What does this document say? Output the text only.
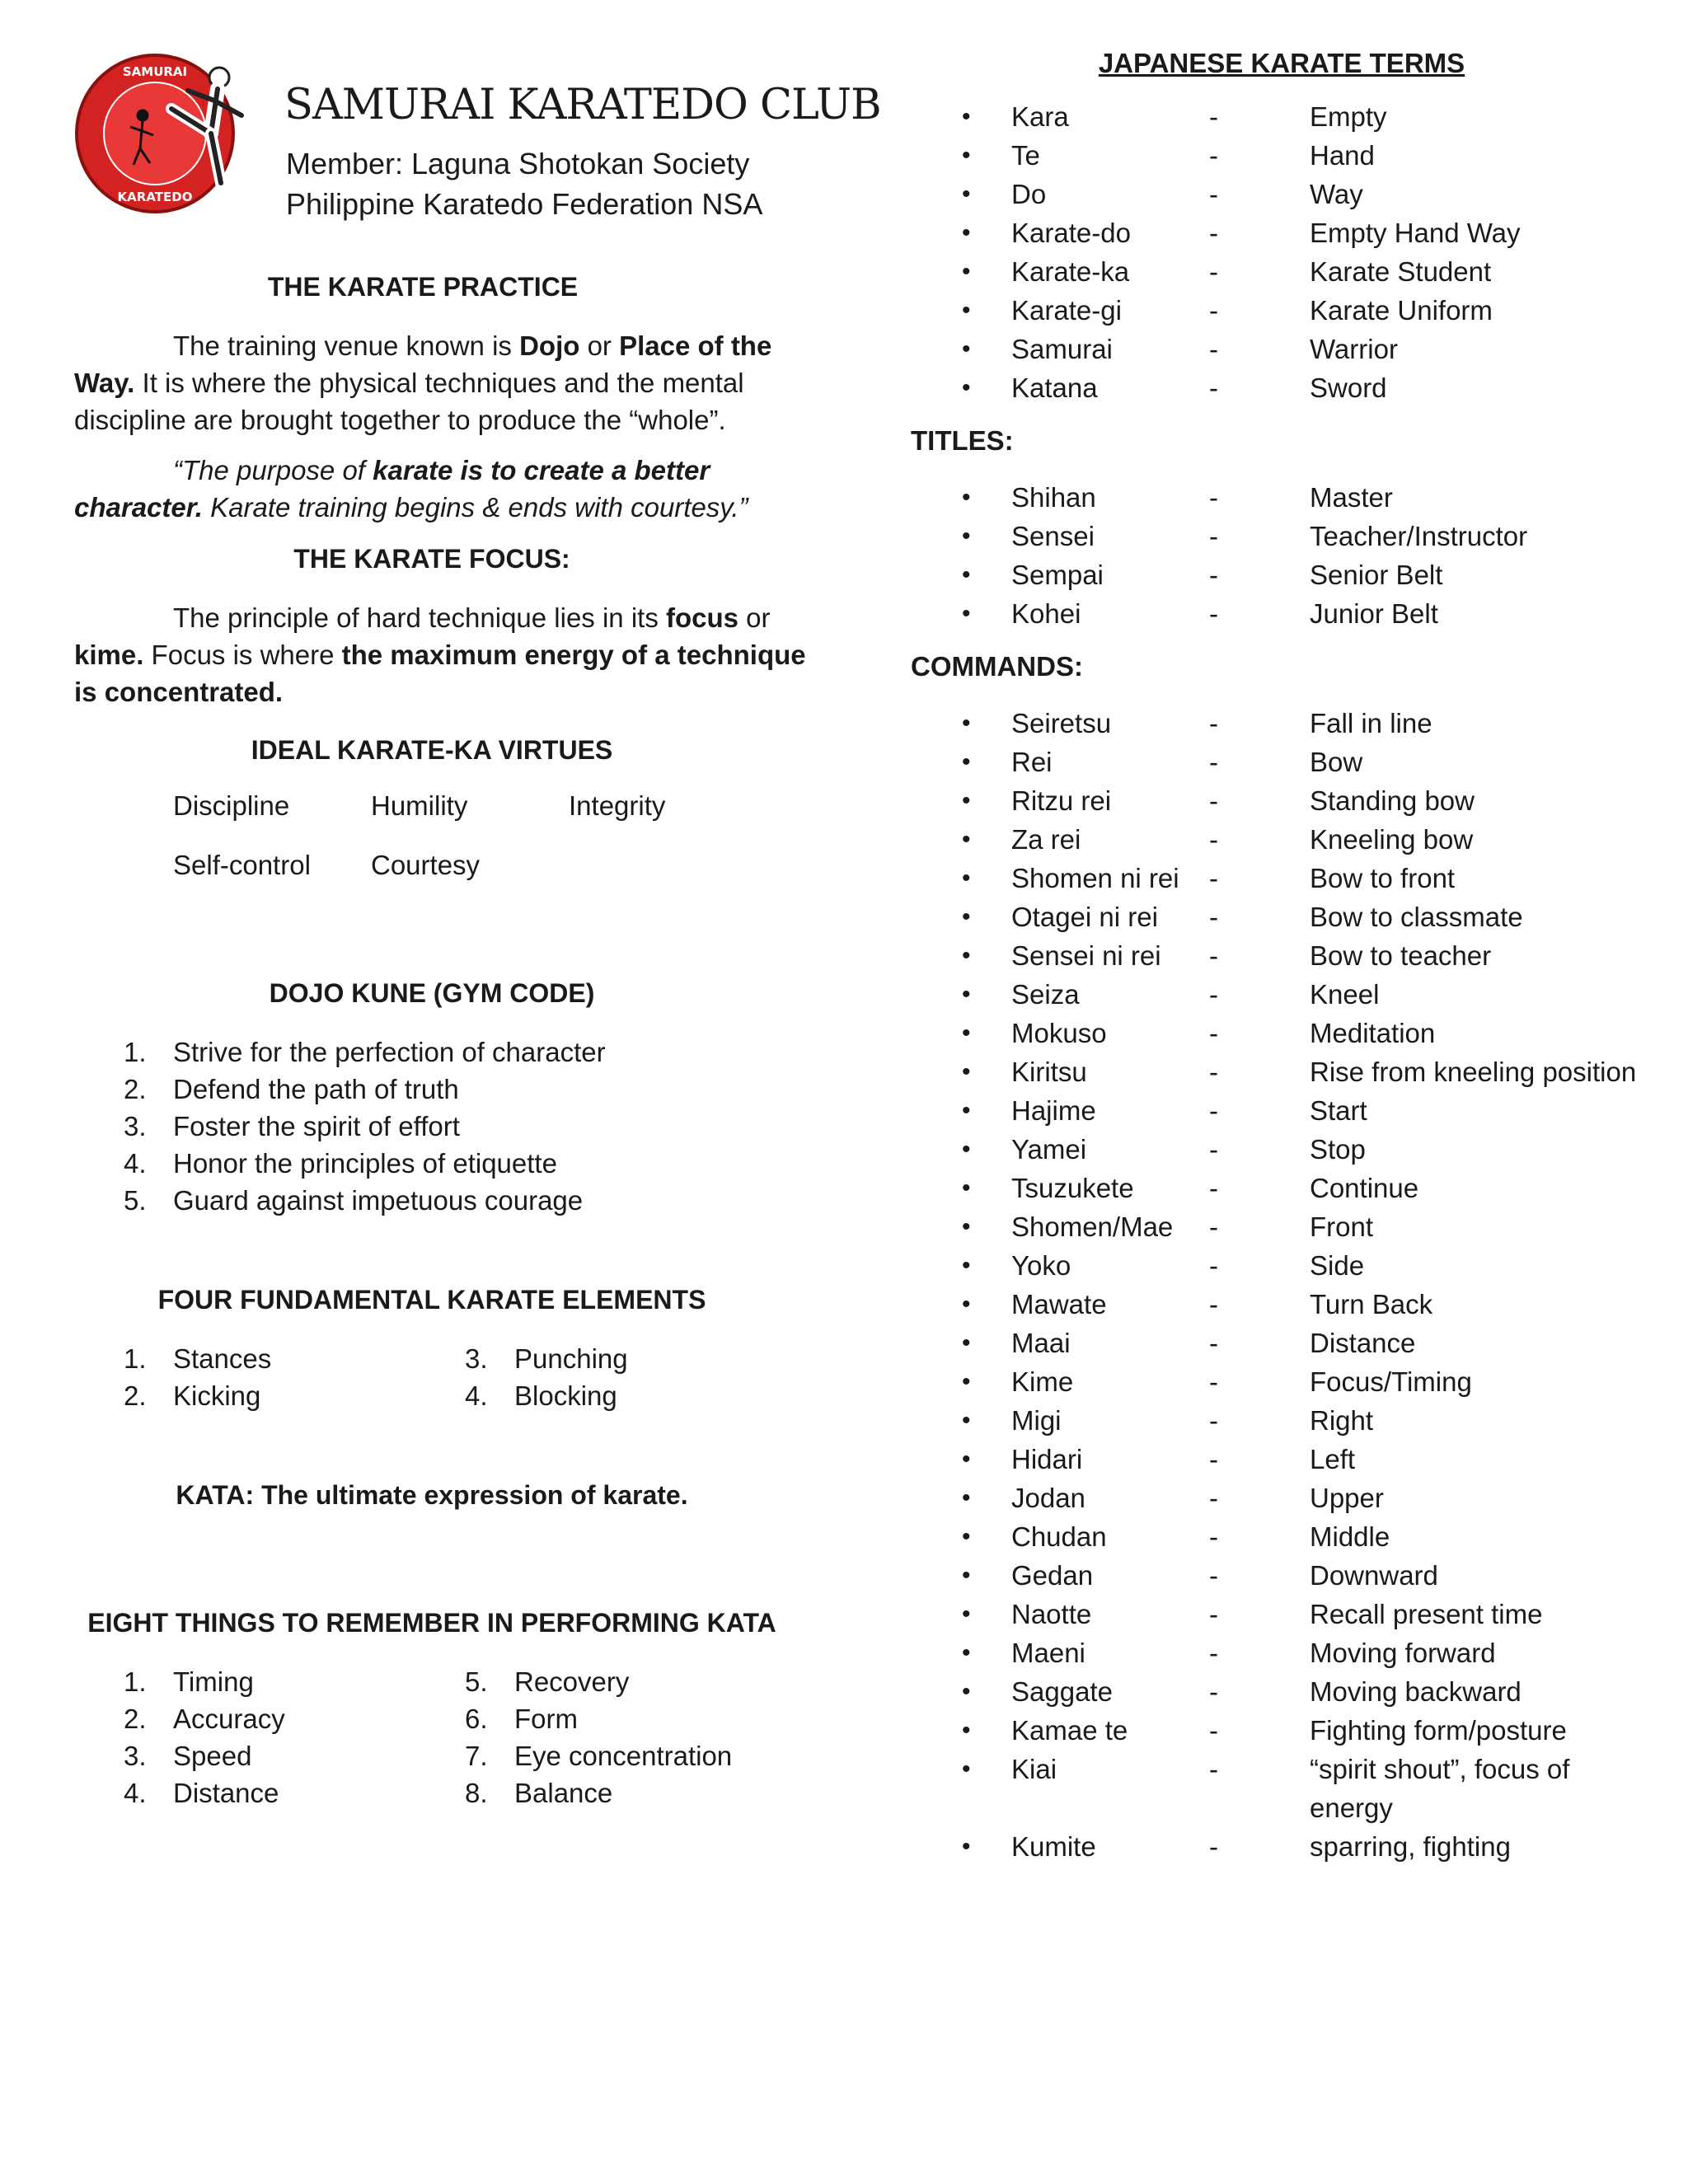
SAMURAI
KARATEDO
SAMURAI KARATEDO CLUB
Member: Laguna Shotokan Society
Philippine Karatedo Federation NSA
THE KARATE PRACTICE

The training venue known is Dojo or Place of the Way. It is where the physical techniques and the mental discipline are brought together to produce the “whole”.

“The purpose of karate is to create a better character. Karate training begins & ends with courtesy.”

THE KARATE FOCUS:

The principle of hard technique lies in its focus or kime. Focus is where the maximum energy of a technique is concentrated.

IDEAL KARATE-KA VIRTUES
Discipline	Humility	Integrity
Self-control	Courtesy
DOJO KUNE (GYM CODE)
1. Strive for the perfection of character
2. Defend the path of truth
3. Foster the spirit of effort
4. Honor the principles of etiquette
5. Guard against impetuous courage
FOUR FUNDAMENTAL KARATE ELEMENTS
1. Stances	3. Punching
2. Kicking	4. Blocking
KATA: The ultimate expression of karate.
EIGHT THINGS TO REMEMBER IN PERFORMING KATA
1. Timing	5. Recovery
2. Accuracy	6. Form
3. Speed	7. Eye concentration
4. Distance	8. Balance
JAPANESE KARATE TERMS
•	Kara	-	Empty
•	Te	-	Hand
•	Do	-	Way
•	Karate-do	-	Empty Hand Way
•	Karate-ka	-	Karate Student
•	Karate-gi	-	Karate Uniform
•	Samurai	-	Warrior
•	Katana	-	Sword
TITLES:
•	Shihan	-	Master
•	Sensei	-	Teacher/Instructor
•	Sempai	-	Senior Belt
•	Kohei	-	Junior Belt
COMMANDS:
•	Seiretsu	-	Fall in line
•	Rei	-	Bow
•	Ritzu rei	-	Standing bow
•	Za rei	-	Kneeling bow
•	Shomen ni rei	-	Bow to front
•	Otagei ni rei	-	Bow to classmate
•	Sensei ni rei	-	Bow to teacher
•	Seiza	-	Kneel
•	Mokuso	-	Meditation
•	Kiritsu	-	Rise from kneeling position
•	Hajime	-	Start
•	Yamei	-	Stop
•	Tsuzukete	-	Continue
•	Shomen/Mae	-	Front
•	Yoko	-	Side
•	Mawate	-	Turn Back
•	Maai	-	Distance
•	Kime	-	Focus/Timing
•	Migi	-	Right
•	Hidari	-	Left
•	Jodan	-	Upper
•	Chudan	-	Middle
•	Gedan	-	Downward
•	Naotte	-	Recall present time
•	Maeni	-	Moving forward
•	Saggate	-	Moving backward
•	Kamae te	-	Fighting form/posture
•	Kiai	-	“spirit shout”, focus of energy
•	Kumite	-	sparring, fighting
